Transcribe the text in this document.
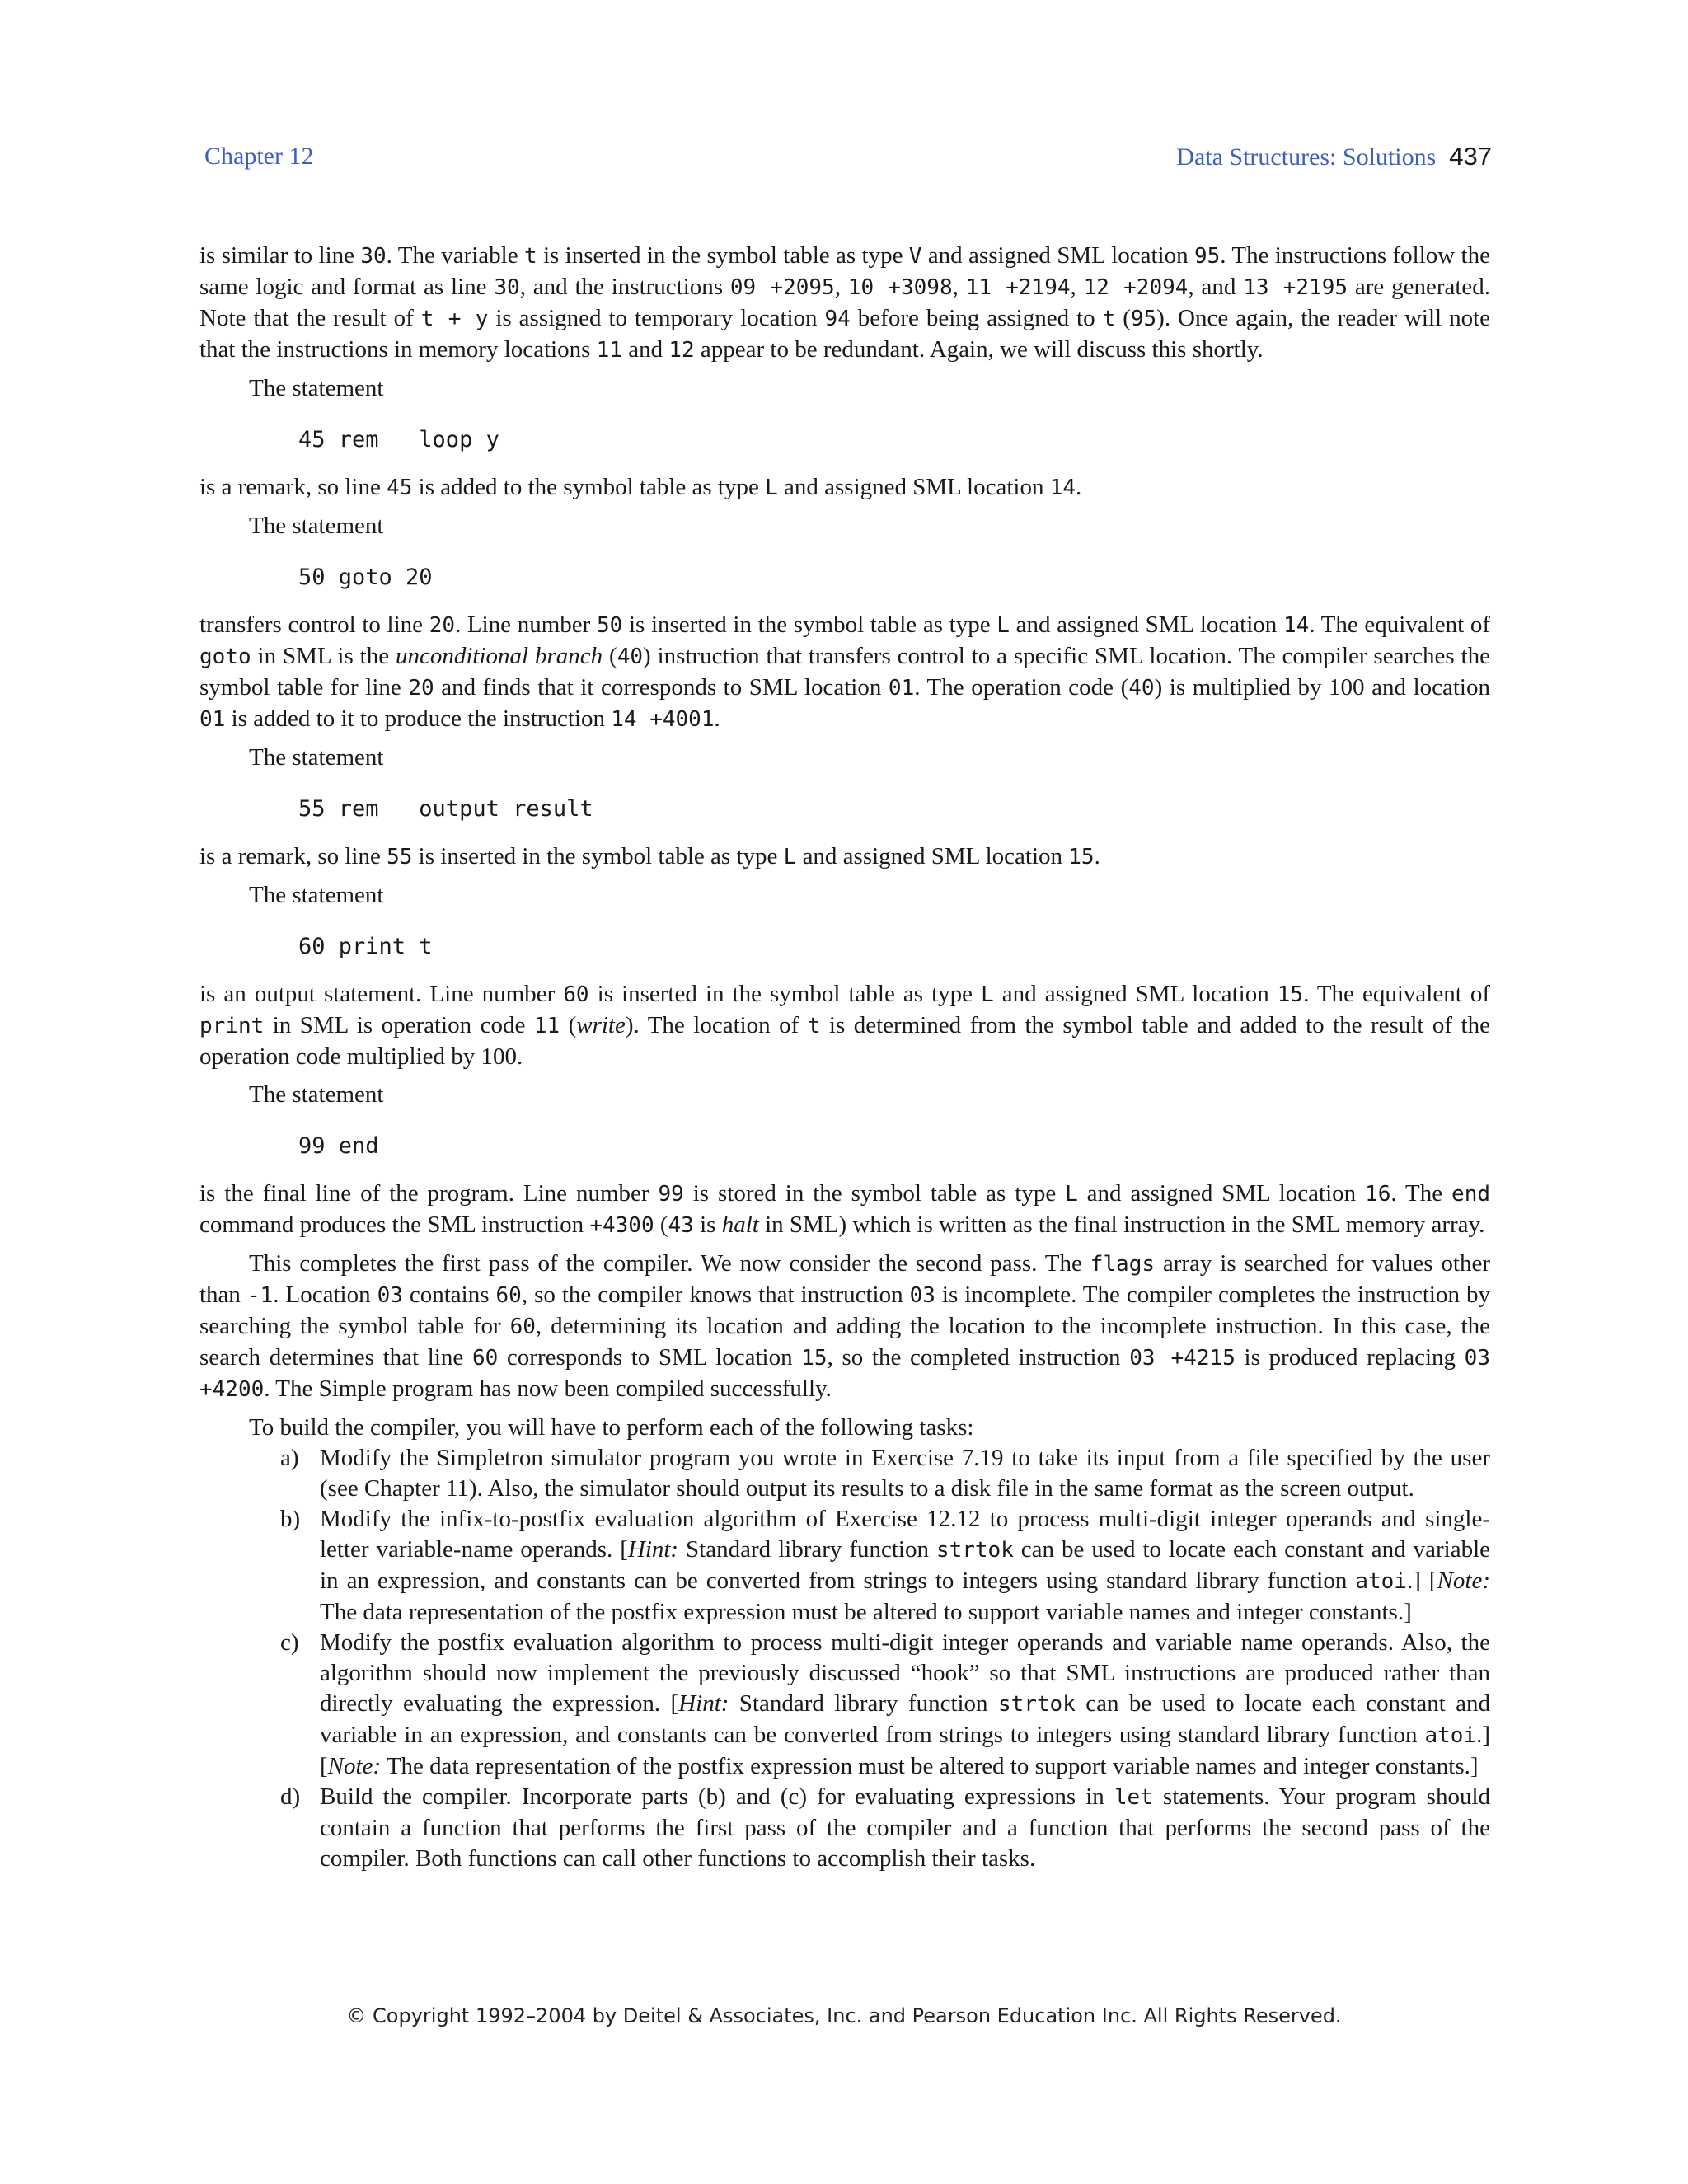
Chapter 12	Data Structures: Solutions 437

is similar to line 30. The variable t is inserted in the symbol table as type V and assigned SML location 95. The instructions follow the same logic and format as line 30, and the instructions 09 +2095, 10 +3098, 11 +2194, 12 +2094, and 13 +2195 are generated. Note that the result of t + y is assigned to temporary location 94 before being assigned to t (95). Once again, the reader will note that the instructions in memory locations 11 and 12 appear to be redundant. Again, we will discuss this shortly.

The statement

45 rem   loop y

is a remark, so line 45 is added to the symbol table as type L and assigned SML location 14.

The statement

50 goto 20

transfers control to line 20. Line number 50 is inserted in the symbol table as type L and assigned SML location 14. The equivalent of goto in SML is the unconditional branch (40) instruction that transfers control to a specific SML location. The compiler searches the symbol table for line 20 and finds that it corresponds to SML location 01. The operation code (40) is multiplied by 100 and location 01 is added to it to produce the instruction 14 +4001.

The statement

55 rem   output result

is a remark, so line 55 is inserted in the symbol table as type L and assigned SML location 15.

The statement

60 print t

is an output statement. Line number 60 is inserted in the symbol table as type L and assigned SML location 15. The equivalent of print in SML is operation code 11 (write). The location of t is determined from the symbol table and added to the result of the operation code multiplied by 100.

The statement

99 end

is the final line of the program. Line number 99 is stored in the symbol table as type L and assigned SML location 16. The end command produces the SML instruction +4300 (43 is halt in SML) which is written as the final instruction in the SML memory array.

This completes the first pass of the compiler. We now consider the second pass. The flags array is searched for values other than -1. Location 03 contains 60, so the compiler knows that instruction 03 is incomplete. The compiler completes the instruction by searching the symbol table for 60, determining its location and adding the location to the incomplete instruction. In this case, the search determines that line 60 corresponds to SML location 15, so the completed instruction 03 +4215 is produced replacing 03 +4200. The Simple program has now been compiled successfully.

To build the compiler, you will have to perform each of the following tasks:

a) Modify the Simpletron simulator program you wrote in Exercise 7.19 to take its input from a file specified by the user (see Chapter 11). Also, the simulator should output its results to a disk file in the same format as the screen output.
b) Modify the infix-to-postfix evaluation algorithm of Exercise 12.12 to process multi-digit integer operands and single-letter variable-name operands. [Hint: Standard library function strtok can be used to locate each constant and variable in an expression, and constants can be converted from strings to integers using standard library function atoi.] [Note: The data representation of the postfix expression must be altered to support variable names and integer constants.]
c) Modify the postfix evaluation algorithm to process multi-digit integer operands and variable name operands. Also, the algorithm should now implement the previously discussed “hook” so that SML instructions are produced rather than directly evaluating the expression. [Hint: Standard library function strtok can be used to locate each constant and variable in an expression, and constants can be converted from strings to integers using standard library function atoi.] [Note: The data representation of the postfix expression must be altered to support variable names and integer constants.]
d) Build the compiler. Incorporate parts (b) and (c) for evaluating expressions in let statements. Your program should contain a function that performs the first pass of the compiler and a function that performs the second pass of the compiler. Both functions can call other functions to accomplish their tasks.
© Copyright 1992–2004 by Deitel & Associates, Inc. and Pearson Education Inc. All Rights Reserved.
